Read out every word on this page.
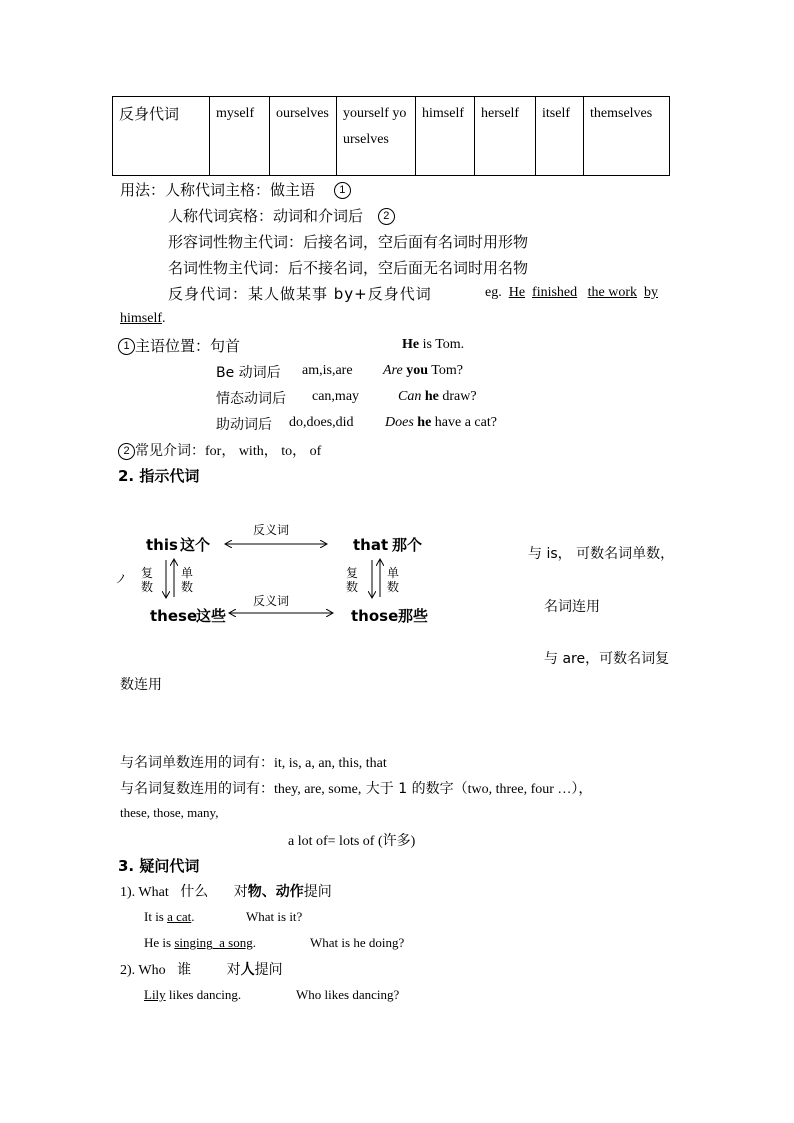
反身代词	myself	ourselves	yourself yourselves	himself	herself	itself	themselves
用法：人称代词主格：做主语 1
人称代词宾格：动词和介词后 2
形容词性物主代词：后接名词，空后面有名词时用形物
名词性物主代词：后不接名词，空后面无名词时用名物
反身代词：某人做某事 by+反身代词	eg. He finished the work by
himself.
1 主语位置：句首	He is Tom.
Be 动词后 am,is,are Are you Tom?
情态动词后 can,may	Can he draw?
助动词后 do,does,did Does he have a cat?
2 常见介词：for， with， to， of
2. 指示代词
this 这个	that 那个
these
这些	those 那些
反义词
反义词
复
数
单
数
复
数
单
数
ノ
与 is， 可数名词单数，
名词连用
与 are，可数名词复
数连用
与名词单数连用的词有：it, is, a, an, this, that
与名词复数连用的词有：they, are, some, 大于 1 的数字（two, three, four …），
these, those, many,
a lot of= lots of (许多)
3. 疑问代词
1). What 什么 对物、动作提问
It is a cat.	What is it?
He is singing a song.	What is he doing?
2). Who 谁	对人提问
Lily likes dancing.	Who likes dancing?
